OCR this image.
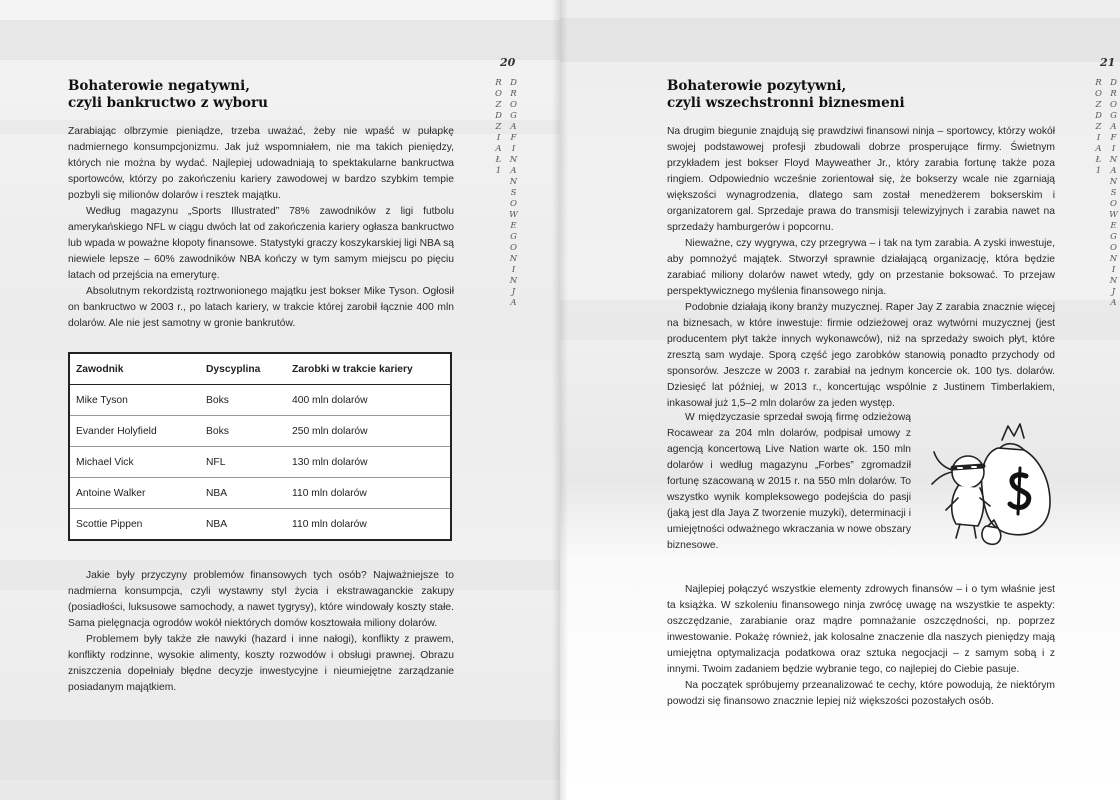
20
ROZDZIAŁ 1
DROGA FINANSOWEGO NINJA
Bohaterowie negatywni,
czyli bankructwo z wyboru

Zarabiając olbrzymie pieniądze, trzeba uważać, żeby nie wpaść w pułapkę nadmiernego konsumpcjonizmu. Jak już wspomniałem, nie ma takich pieniędzy, których nie można by wydać. Najlepiej udowadniają to spektakularne bankructwa sportowców, którzy po zakończeniu kariery zawodowej w bardzo szybkim tempie pozbyli się milionów dolarów i resztek majątku.

Według magazynu „Sports Illustrated” 78% zawodników z ligi futbolu amerykańskiego NFL w ciągu dwóch lat od zakończenia kariery ogłasza bankructwo lub wpada w poważne kłopoty finansowe. Statystyki graczy koszykarskiej ligi NBA są niewiele lepsze – 60% zawodników NBA kończy w tym samym miejscu po pięciu latach od przejścia na emeryturę.

Absolutnym rekordzistą roztrwonionego majątku jest bokser Mike Tyson. Ogłosił on bankructwo w 2003 r., po latach kariery, w trakcie której zarobił łącznie 400 mln dolarów. Ale nie jest samotny w gronie bankrutów.

Zawodnik	Dyscyplina	Zarobki w trakcie kariery
Mike Tyson	Boks	400 mln dolarów
Evander Holyfield	Boks	250 mln dolarów
Michael Vick	NFL	130 mln dolarów
Antoine Walker	NBA	110 mln dolarów
Scottie Pippen	NBA	110 mln dolarów

Jakie były przyczyny problemów finansowych tych osób? Najważniejsze to nadmierna konsumpcja, czyli wystawny styl życia i ekstrawaganckie zakupy (posiadłości, luksusowe samochody, a nawet tygrysy), które windowały koszty stałe. Sama pielęgnacja ogrodów wokół niektórych domów kosztowała miliony dolarów.

Problemem były także złe nawyki (hazard i inne nałogi), konflikty z prawem, konflikty rodzinne, wysokie alimenty, koszty rozwodów i obsługi prawnej. Obrazu zniszczenia dopełniały błędne decyzje inwestycyjne i nieumiejętne zarządzanie posiadanym majątkiem.

21
ROZDZIAŁ 1
DROGA FINANSOWEGO NINJA
Bohaterowie pozytywni,
czyli wszechstronni biznesmeni

Na drugim biegunie znajdują się prawdziwi finansowi ninja – sportowcy, którzy wokół swojej podstawowej profesji zbudowali dobrze prosperujące firmy. Świetnym przykładem jest bokser Floyd Mayweather Jr., który zarabia fortunę także poza ringiem. Odpowiednio wcześnie zorientował się, że bokserzy wcale nie zgarniają większości wynagrodzenia, dlatego sam został menedżerem bokserskim i organizatorem gal. Sprzedaje prawa do transmisji telewizyjnych i zarabia nawet na sprzedaży hamburgerów i popcornu.

Nieważne, czy wygrywa, czy przegrywa – i tak na tym zarabia. A zyski inwestuje, aby pomnożyć majątek. Stworzył sprawnie działającą organizację, która będzie zarabiać miliony dolarów nawet wtedy, gdy on przestanie boksować. To przejaw perspektywicznego myślenia finansowego ninja.

Podobnie działają ikony branży muzycznej. Raper Jay Z zarabia znacznie więcej na biznesach, w które inwestuje: firmie odzieżowej oraz wytwórni muzycznej (jest producentem płyt także innych wykonawców), niż na sprzedaży swoich płyt, które zresztą sam wydaje. Sporą część jego zarobków stanowią ponadto przychody od sponsorów. Jeszcze w 2003 r. zarabiał na jednym koncercie ok. 100 tys. dolarów. Dziesięć lat później, w 2013 r., koncertując wspólnie z Justinem Timberlakiem, inkasował już 1,5–2 mln dolarów za jeden występ.

W międzyczasie sprzedał swoją firmę odzieżową Rocawear za 204 mln dolarów, podpisał umowy z agencją koncertową Live Nation warte ok. 150 mln dolarów i według magazynu „Forbes” zgromadził fortunę szacowaną w 2015 r. na 550 mln dolarów. To wszystko wynik kompleksowego podejścia do pasji (jaką jest dla Jaya Z tworzenie muzyki), determinacji i umiejętności odważnego wkraczania w nowe obszary biznesowe.

Najlepiej połączyć wszystkie elementy zdrowych finansów – i o tym właśnie jest ta książka. W szkoleniu finansowego ninja zwrócę uwagę na wszystkie te aspekty: oszczędzanie, zarabianie oraz mądre pomnażanie oszczędności, np. poprzez inwestowanie. Pokażę również, jak kolosalne znaczenie dla naszych pieniędzy mają umiejętna optymalizacja podatkowa oraz sztuka negocjacji – z samym sobą i z innymi. Twoim zadaniem będzie wybranie tego, co najlepiej do Ciebie pasuje.

Na początek spróbujemy przeanalizować te cechy, które powodują, że niektórym powodzi się finansowo znacznie lepiej niż większości pozostałych osób.
